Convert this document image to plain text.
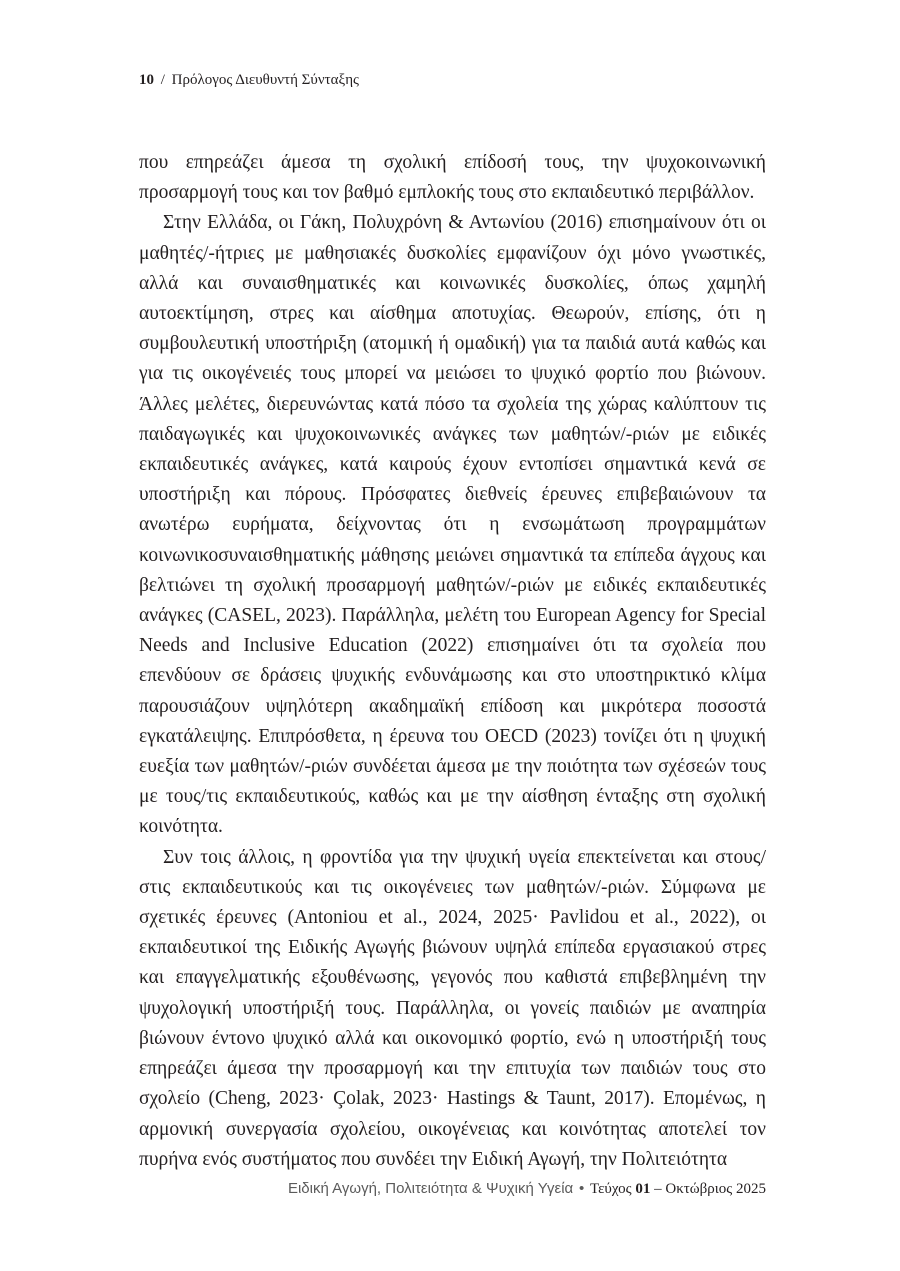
10 / Πρόλογος Διευθυντή Σύνταξης

που επηρεάζει άμεσα τη σχολική επίδοσή τους, την ψυχοκοινωνική προσαρμογή τους και τον βαθμό εμπλοκής τους στο εκπαιδευτικό περιβάλλον.

Στην Ελλάδα, οι Γάκη, Πολυχρόνη & Αντωνίου (2016) επισημαίνουν ότι οι μαθητές/-ήτριες με μαθησιακές δυσκολίες εμφανίζουν όχι μόνο γνωστικές, αλλά και συναισθηματικές και κοινωνικές δυσκολίες, όπως χαμηλή αυτοεκτίμηση, στρες και αίσθημα αποτυχίας. Θεωρούν, επίσης, ότι η συμβουλευτική υποστήριξη (ατομική ή ομαδική) για τα παιδιά αυτά καθώς και για τις οικογένειές τους μπορεί να μειώσει το ψυχικό φορτίο που βιώνουν. Άλλες μελέτες, διερευνώντας κατά πόσο τα σχολεία της χώρας καλύπτουν τις παιδαγωγικές και ψυχοκοινωνικές ανάγκες των μαθητών/-ριών με ειδικές εκπαιδευτικές ανάγκες, κατά καιρούς έχουν εντοπίσει σημαντικά κενά σε υποστήριξη και πόρους. Πρόσφατες διεθνείς έρευνες επιβεβαιώνουν τα ανωτέρω ευρήματα, δείχνοντας ότι η ενσωμάτωση προγραμμάτων κοινωνικοσυναισθηματικής μάθησης μειώνει σημαντικά τα επίπεδα άγχους και βελτιώνει τη σχολική προσαρμογή μαθητών/-ριών με ειδικές εκπαιδευτικές ανάγκες (CASEL, 2023). Παράλληλα, μελέτη του European Agency for Special Needs and Inclusive Education (2022) επισημαίνει ότι τα σχολεία που επενδύουν σε δράσεις ψυχικής ενδυνάμωσης και στο υποστηρικτικό κλίμα παρουσιάζουν υψηλότερη ακαδημαϊκή επίδοση και μικρότερα ποσοστά εγκατάλειψης. Επιπρόσθετα, η έρευνα του OECD (2023) τονίζει ότι η ψυχική ευεξία των μαθητών/-ριών συνδέεται άμεσα με την ποιότητα των σχέσεών τους με τους/τις εκπαιδευτικούς, καθώς και με την αίσθηση ένταξης στη σχολική κοινότητα.

Συν τοις άλλοις, η φροντίδα για την ψυχική υγεία επεκτείνεται και στους/στις εκπαιδευτικούς και τις οικογένειες των μαθητών/-ριών. Σύμφωνα με σχετικές έρευνες (Antoniou et al., 2024, 2025· Pavlidou et al., 2022), οι εκπαιδευτικοί της Ειδικής Αγωγής βιώνουν υψηλά επίπεδα εργασιακού στρες και επαγγελματικής εξουθένωσης, γεγονός που καθιστά επιβεβλημένη την ψυχολογική υποστήριξή τους. Παράλληλα, οι γονείς παιδιών με αναπηρία βιώνουν έντονο ψυχικό αλλά και οικονομικό φορτίο, ενώ η υποστήριξή τους επηρεάζει άμεσα την προσαρμογή και την επιτυχία των παιδιών τους στο σχολείο (Cheng, 2023· Çolak, 2023· Hastings & Taunt, 2017). Επομένως, η αρμονική συνεργασία σχολείου, οικογένειας και κοινότητας αποτελεί τον πυρήνα ενός συστήματος που συνδέει την Ειδική Αγωγή, την Πολιτειότητα

Ειδική Αγωγή, Πολιτειότητα & Ψυχική Υγεία • Τεύχος 01 – Οκτώβριος 2025
